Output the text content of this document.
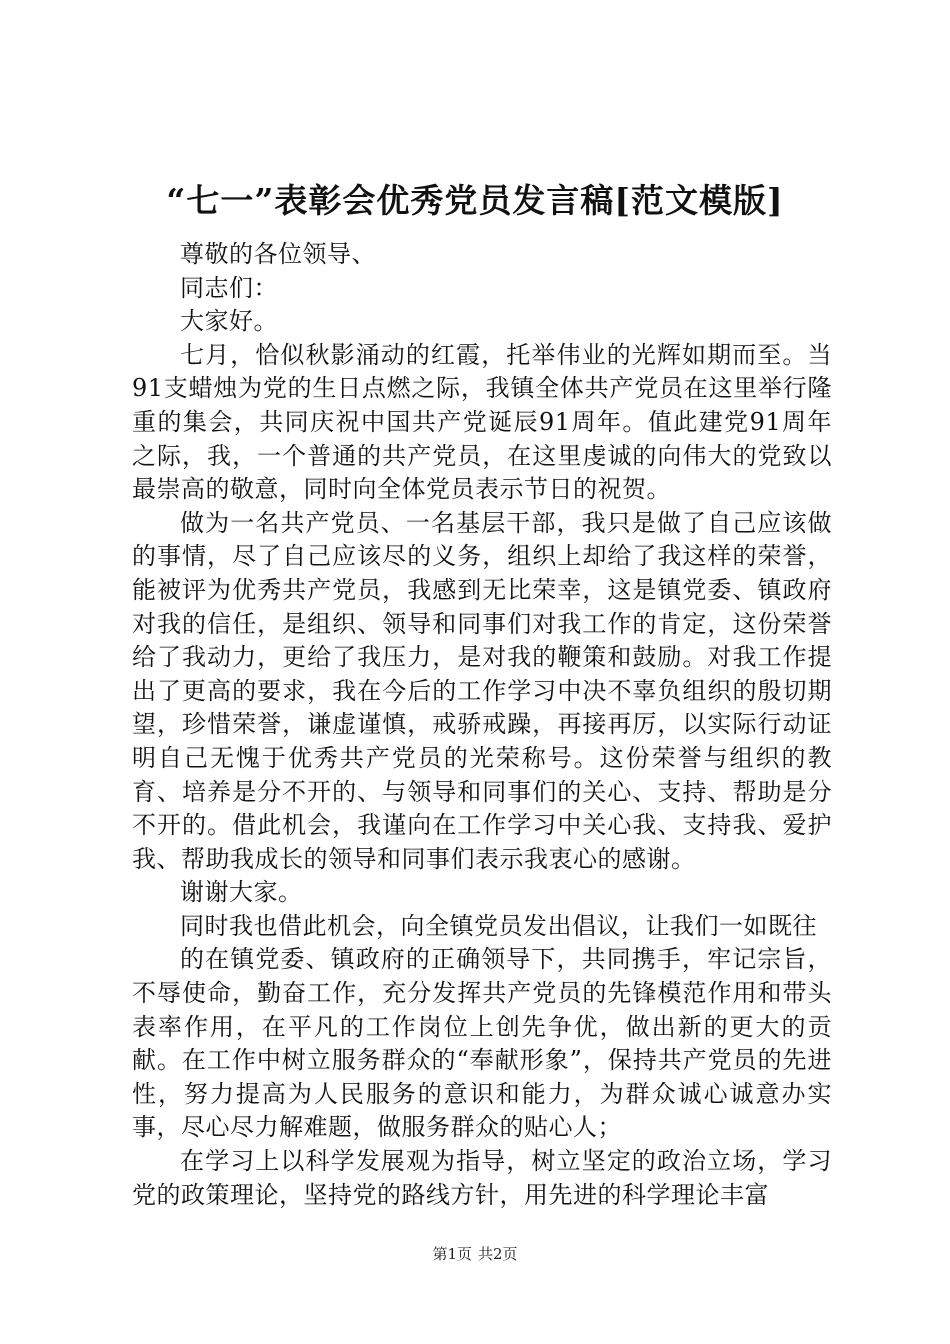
“七一”表彰会优秀党员发言稿[范文模版]

尊敬的各位领导、

同志们：

大家好。

七月，恰似秋影涌动的红霞，托举伟业的光辉如期而至。当91支蜡烛为党的生日点燃之际，我镇全体共产党员在这里举行隆重的集会，共同庆祝中国共产党诞辰91周年。值此建党91周年之际，我，一个普通的共产党员，在这里虔诚的向伟大的党致以最崇高的敬意，同时向全体党员表示节日的祝贺。

做为一名共产党员、一名基层干部，我只是做了自己应该做的事情，尽了自己应该尽的义务，组织上却给了我这样的荣誉，能被评为优秀共产党员，我感到无比荣幸，这是镇党委、镇政府对我的信任，是组织、领导和同事们对我工作的肯定，这份荣誉给了我动力，更给了我压力，是对我的鞭策和鼓励。对我工作提出了更高的要求，我在今后的工作学习中决不辜负组织的殷切期望，珍惜荣誉，谦虚谨慎，戒骄戒躁，再接再厉，以实际行动证明自己无愧于优秀共产党员的光荣称号。这份荣誉与组织的教育、培养是分不开的、与领导和同事们的关心、支持、帮助是分不开的。借此机会，我谨向在工作学习中关心我、支持我、爱护我、帮助我成长的领导和同事们表示我衷心的感谢。

谢谢大家。

同时我也借此机会，向全镇党员发出倡议，让我们一如既往

的在镇党委、镇政府的正确领导下，共同携手，牢记宗旨，不辱使命，勤奋工作，充分发挥共产党员的先锋模范作用和带头表率作用，在平凡的工作岗位上创先争优，做出新的更大的贡献。在工作中树立服务群众的“奉献形象”，保持共产党员的先进性，努力提高为人民服务的意识和能力，为群众诚心诚意办实事，尽心尽力解难题，做服务群众的贴心人；

在学习上以科学发展观为指导，树立坚定的政治立场，学习党的政策理论，坚持党的路线方针，用先进的科学理论丰富

第1页 共2页
